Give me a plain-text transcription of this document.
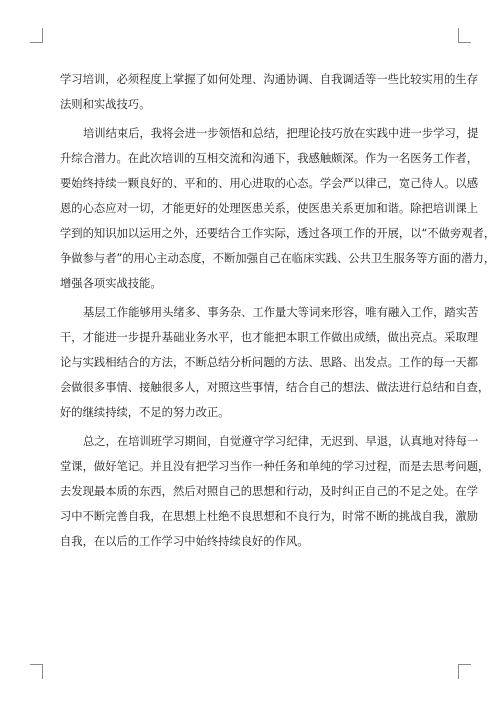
学习培训，必须程度上掌握了如何处理、沟通协调、自我调适等一些比较实用的生存
法则和实战技巧。
培训结束后，我将会进一步领悟和总结，把理论技巧放在实践中进一步学习，提
升综合潜力。在此次培训的互相交流和沟通下，我感触颇深。作为一名医务工作者，
要始终持续一颗良好的、平和的、用心进取的心态。学会严以律己，宽己待人。以感
恩的心态应对一切，才能更好的处理医患关系，使医患关系更加和谐。除把培训课上
学到的知识加以运用之外，还要结合工作实际，透过各项工作的开展，以“不做旁观者，
争做参与者”的用心主动态度，不断加强自己在临床实践、公共卫生服务等方面的潜力，
增强各项实战技能。
基层工作能够用头绪多、事务杂、工作量大等词来形容，唯有融入工作，踏实苦
干，才能进一步提升基础业务水平，也才能把本职工作做出成绩，做出亮点。采取理
论与实践相结合的方法，不断总结分析问题的方法、思路、出发点。工作的每一天都
会做很多事情、接触很多人，对照这些事情，结合自己的想法、做法进行总结和自查，
好的继续持续，不足的努力改正。
总之，在培训班学习期间，自觉遵守学习纪律，无迟到、早退，认真地对待每一
堂课，做好笔记。并且没有把学习当作一种任务和单纯的学习过程，而是去思考问题，
去发现最本质的东西，然后对照自己的思想和行动，及时纠正自己的不足之处。在学
习中不断完善自我，在思想上杜绝不良思想和不良行为，时常不断的挑战自我，激励
自我，在以后的工作学习中始终持续良好的作风。
